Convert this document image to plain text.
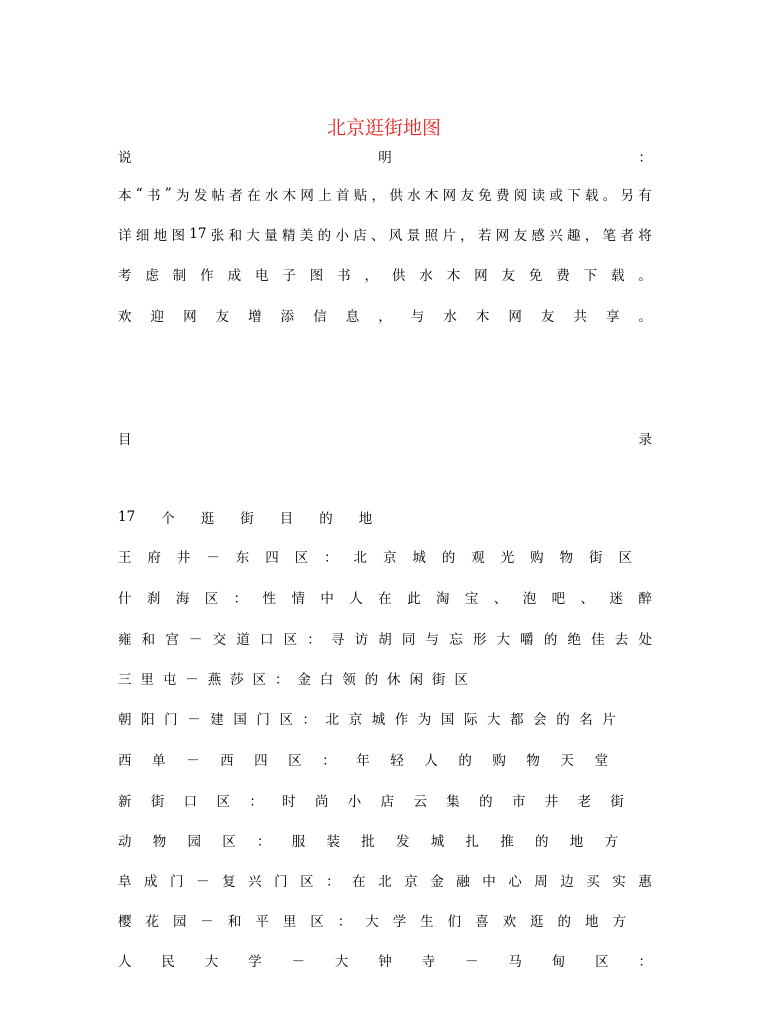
北京逛街地图
说	明	：
本 “ 书 ” 为 发 帖 者 在 水 木 网 上 首 贴 ， 供 水 木 网 友 免 费 阅 读 或 下 载 。 另 有
详 细 地 图 17 张 和 大 量 精 美 的 小 店 、 风 景 照 片 ， 若 网 友 感 兴 趣 ， 笔 者 将
考 虑 制 作 成 电 子 图 书 ， 供 水 木 网 友 免 费 下 载 。
欢 迎 网 友 增 添 信 息 ， 与 水 木 网 友 共 享 。
目	录
17 个 逛 街 目 的 地
王 府 井 － 东 四 区 ： 北 京 城 的 观 光 购 物 街 区
什 刹 海 区 ： 性 情 中 人 在 此 淘 宝 、 泡 吧 、 迷 醉
雍 和 宫 － 交 道 口 区 ： 寻 访 胡 同 与 忘 形 大 嚼 的 绝 佳 去 处
三 里 屯 － 燕 莎 区 ： 金 白 领 的 休 闲 街 区
朝 阳 门 － 建 国 门 区 ： 北 京 城 作 为 国 际 大 都 会 的 名 片
西 单 － 西 四 区 ： 年 轻 人 的 购 物 天 堂
新 街 口 区 ： 时 尚 小 店 云 集 的 市 井 老 街
动 物 园 区 ： 服 装 批 发 城 扎 推 的 地 方
阜 成 门 － 复 兴 门 区 ： 在 北 京 金 融 中 心 周 边 买 实 惠
樱 花 园 － 和 平 里 区 ： 大 学 生 们 喜 欢 逛 的 地 方
人 民 大 学 － 大 钟 寺 － 马 甸 区 ：
